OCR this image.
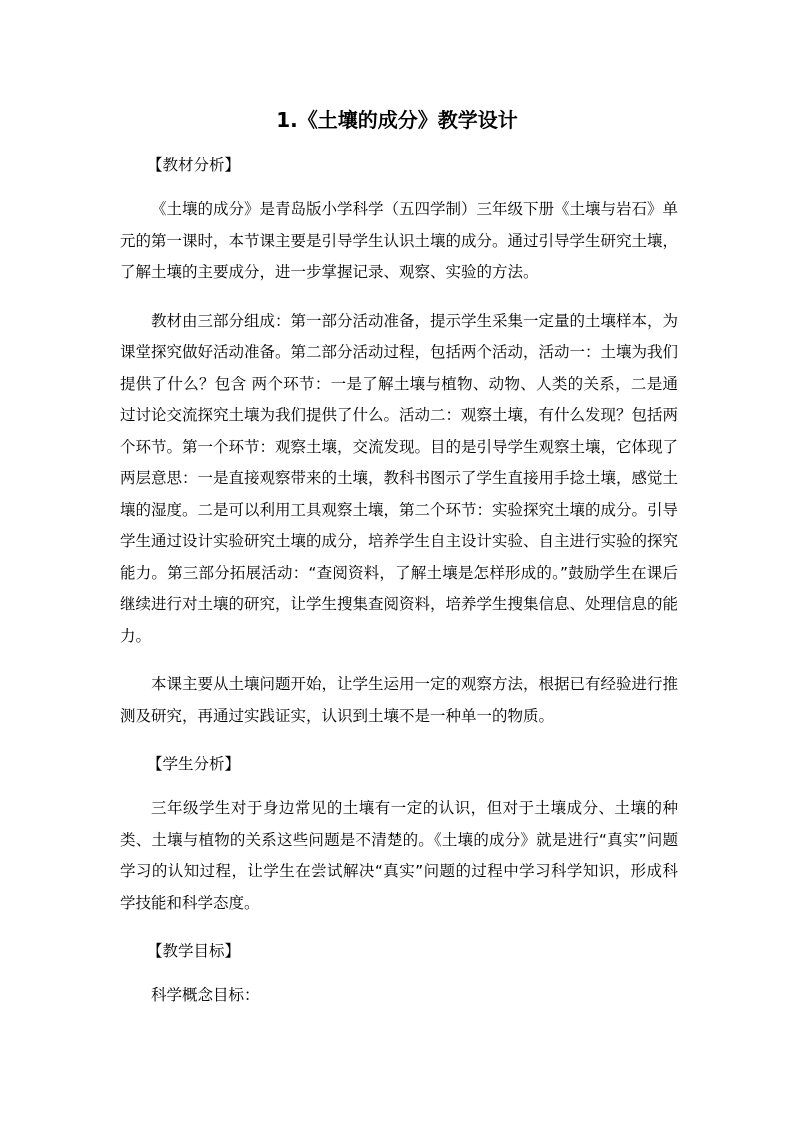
1.《土壤的成分》教学设计

【教材分析】

《土壤的成分》是青岛版小学科学（五四学制）三年级下册《土壤与岩石》单元的第一课时，本节课主要是引导学生认识土壤的成分。通过引导学生研究土壤，了解土壤的主要成分，进一步掌握记录、观察、实验的方法。

教材由三部分组成：第一部分活动准备，提示学生采集一定量的土壤样本，为课堂探究做好活动准备。第二部分活动过程，包括两个活动，活动一：土壤为我们提供了什么？包含 两个环节：一是了解土壤与植物、动物、人类的关系，二是通过讨论交流探究土壤为我们提供了什么。活动二：观察土壤，有什么发现？包括两个环节。第一个环节：观察土壤，交流发现。目的是引导学生观察土壤，它体现了两层意思：一是直接观察带来的土壤，教科书图示了学生直接用手捻土壤，感觉土壤的湿度。二是可以利用工具观察土壤，第二个环节：实验探究土壤的成分。引导学生通过设计实验研究土壤的成分，培养学生自主设计实验、自主进行实验的探究能力。第三部分拓展活动：“查阅资料，了解土壤是怎样形成的。”鼓励学生在课后继续进行对土壤的研究，让学生搜集查阅资料，培养学生搜集信息、处理信息的能力。

本课主要从土壤问题开始，让学生运用一定的观察方法，根据已有经验进行推测及研究，再通过实践证实，认识到土壤不是一种单一的物质。

【学生分析】

三年级学生对于身边常见的土壤有一定的认识，但对于土壤成分、土壤的种类、土壤与植物的关系这些问题是不清楚的。《土壤的成分》就是进行“真实”问题学习的认知过程，让学生在尝试解决“真实”问题的过程中学习科学知识，形成科学技能和科学态度。

【教学目标】

科学概念目标：
